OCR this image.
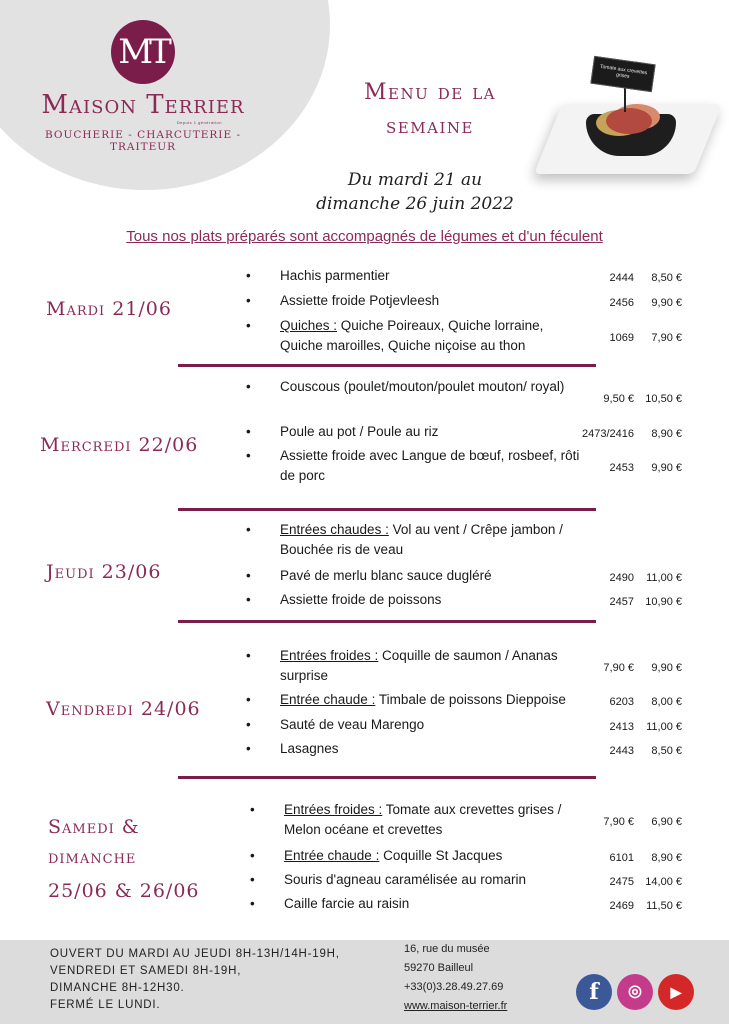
MT
Maison Terrier
Depuis 1 génération
BOUCHERIE - CHARCUTERIE - TRAITEUR
Menu de la
semaine
Du mardi 21 au
dimanche 26 juin 2022
Tomate aux crevettes grises
Tous nos plats préparés sont accompagnés de légumes et d'un féculent
Mardi 21/06
• Hachis parmentier	2444 8,50 €
• Assiette froide Potjevleesh	2456 9,90 €
• Quiches : Quiche Poireaux, Quiche lorraine, Quiche maroilles, Quiche niçoise au thon	1069 7,90 €
Mercredi 22/06
• Couscous (poulet/mouton/poulet mouton/ royal)
9,50 € 10,50 €
• Poule au pot / Poule au riz	2473/2416 8,90 €
• Assiette froide avec Langue de bœuf, rosbeef, rôti de porc	2453 9,90 €
Jeudi 23/06
• Entrées chaudes : Vol au vent / Crêpe jambon / Bouchée ris de veau
• Pavé de merlu blanc sauce dugléré	2490 11,00 €
• Assiette froide de poissons	2457 10,90 €
Vendredi 24/06
• Entrées froides : Coquille de saumon / Ananas surprise	7,90 € 9,90 €
• Entrée chaude : Timbale de poissons Dieppoise	6203 8,00 €
• Sauté de veau Marengo	2413 11,00 €
• Lasagnes	2443 8,50 €
Samedi &
dimanche
25/06 & 26/06
• Entrées froides : Tomate aux crevettes grises / Melon océane et crevettes	7,90 € 6,90 €
• Entrée chaude : Coquille St Jacques	6101 8,90 €
• Souris d'agneau caramélisée au romarin	2475 14,00 €
• Caille farcie au raisin	2469 11,50 €
OUVERT DU MARDI AU JEUDI 8H-13H/14H-19H,
VENDREDI ET SAMEDI 8H-19H,
DIMANCHE 8H-12H30.
FERMÉ LE LUNDI.
16, rue du musée
59270 Bailleul
+33(0)3.28.49.27.69
www.maison-terrier.fr
f	◎	▶
